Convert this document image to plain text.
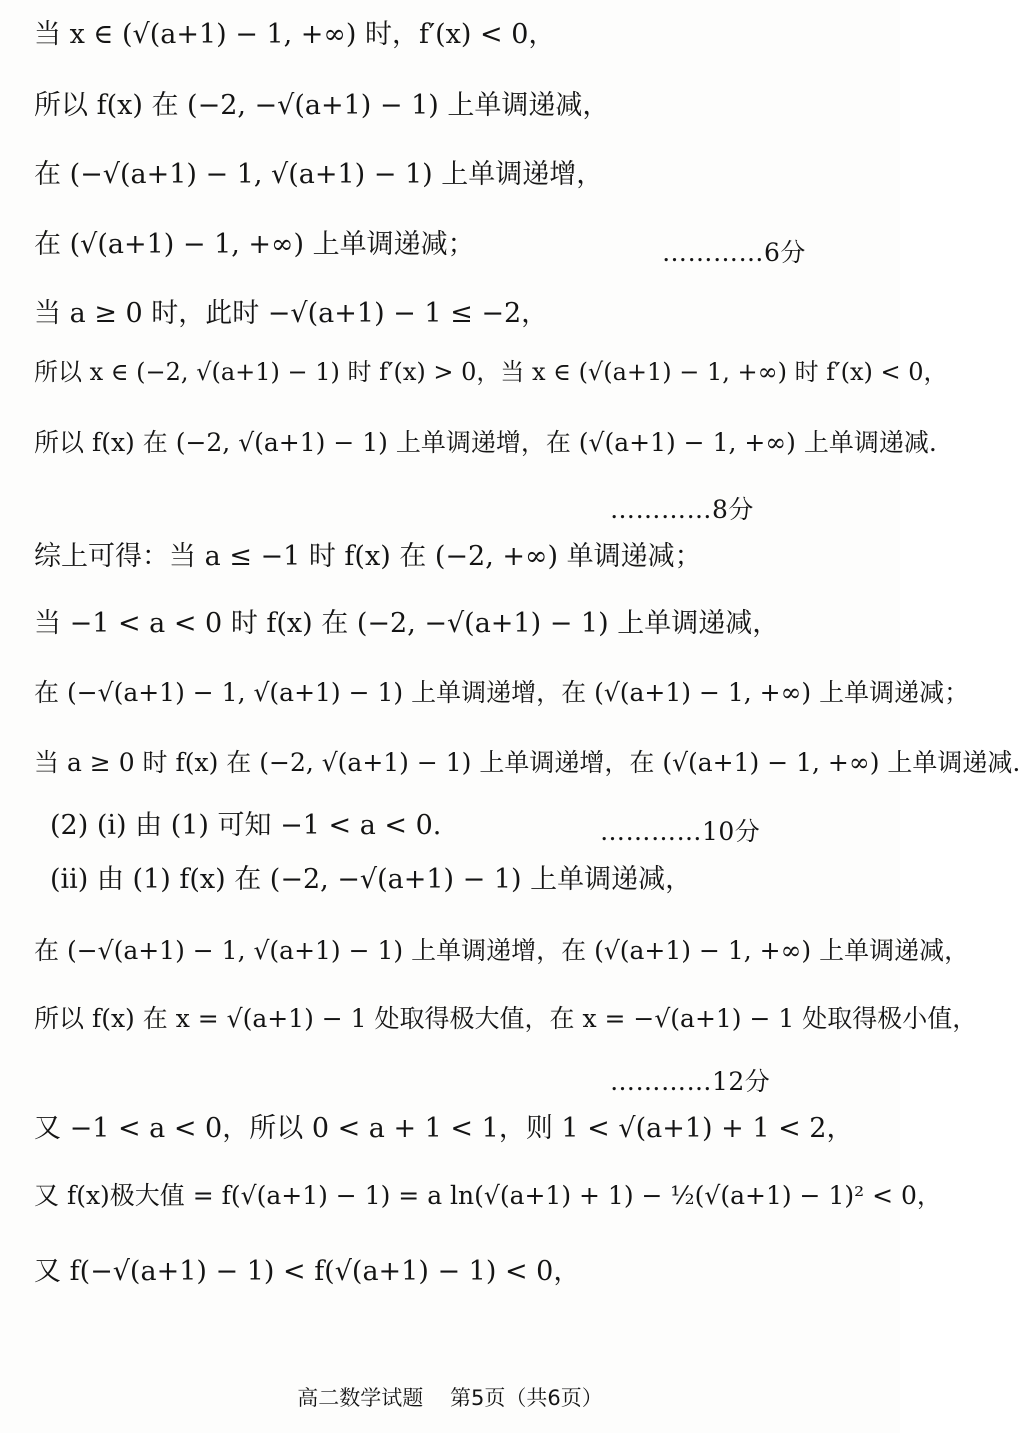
当 x ∈ (√(a+1) − 1, +∞) 时，f′(x) < 0，
所以 f(x) 在 (−2, −√(a+1) − 1) 上单调递减，
在 (−√(a+1) − 1, √(a+1) − 1) 上单调递增，
在 (√(a+1) − 1, +∞) 上单调递减；	…………6分
当 a ≥ 0 时，此时 −√(a+1) − 1 ≤ −2，
所以 x ∈ (−2, √(a+1) − 1) 时 f′(x) > 0，当 x ∈ (√(a+1) − 1, +∞) 时 f′(x) < 0，
所以 f(x) 在 (−2, √(a+1) − 1) 上单调递增，在 (√(a+1) − 1, +∞) 上单调递减.
…………8分
综上可得：当 a ≤ −1 时 f(x) 在 (−2, +∞) 单调递减；
当 −1 < a < 0 时 f(x) 在 (−2, −√(a+1) − 1) 上单调递减，
在 (−√(a+1) − 1, √(a+1) − 1) 上单调递增，在 (√(a+1) − 1, +∞) 上单调递减；
当 a ≥ 0 时 f(x) 在 (−2, √(a+1) − 1) 上单调递增，在 (√(a+1) − 1, +∞) 上单调递减.
(2) (i) 由 (1) 可知 −1 < a < 0.	…………10分
(ii) 由 (1) f(x) 在 (−2, −√(a+1) − 1) 上单调递减，
在 (−√(a+1) − 1, √(a+1) − 1) 上单调递增，在 (√(a+1) − 1, +∞) 上单调递减，
所以 f(x) 在 x = √(a+1) − 1 处取得极大值，在 x = −√(a+1) − 1 处取得极小值，
…………12分
又 −1 < a < 0，所以 0 < a + 1 < 1，则 1 < √(a+1) + 1 < 2，
又 f(x)极大值 = f(√(a+1) − 1) = a ln(√(a+1) + 1) − ½(√(a+1) − 1)² < 0，
又 f(−√(a+1) − 1) < f(√(a+1) − 1) < 0，
高二数学试题 第5页（共6页）
